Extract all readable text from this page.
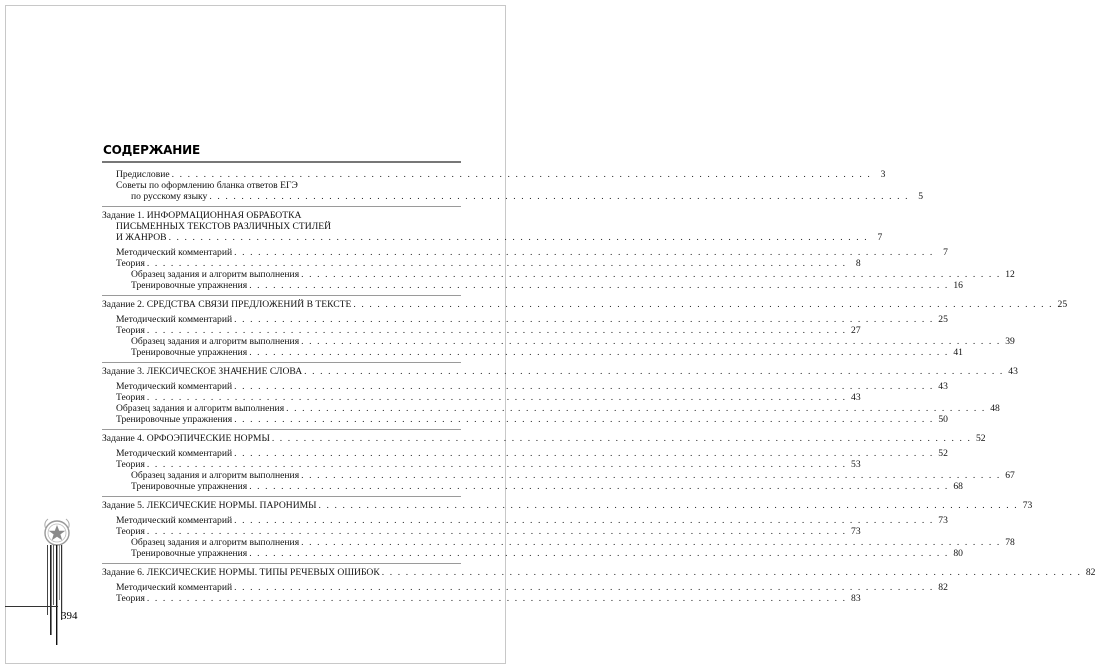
СОДЕРЖАНИЕ
Предисловие . . . . . . . . . . . . . . . . . . . . . . . . . . . . . . . . . . . . . . . . . . . . . . . . . . . . . . . . . . . . . . . . . . . . . . . . . . . . . . . . . . . . . . . . 3
Советы по оформлению бланка ответов ЕГЭ
по русскому языку . . . . . . . . . . . . . . . . . . . . . . . . . . . . . . . . . . . . . . . . . . . . . . . . . . . . . . . . . . . . . . . . . . . . . . . . . . . . . . . . . . . . . . . . 5
Задание 1. ИНФОРМАЦИОННАЯ ОБРАБОТКА
ПИСЬМЕННЫХ ТЕКСТОВ РАЗЛИЧНЫХ СТИЛЕЙ
И ЖАНРОВ . . . . . . . . . . . . . . . . . . . . . . . . . . . . . . . . . . . . . . . . . . . . . . . . . . . . . . . . . . . . . . . . . . . . . . . . . . . . . . . . . . . . . . . . 7
Методический комментарий . . . . . . . . . . . . . . . . . . . . . . . . . . . . . . . . . . . . . . . . . . . . . . . . . . . . . . . . . . . . . . . . . . . . . . . . . . . . . . . . . . . . . . . . 7
Теория . . . . . . . . . . . . . . . . . . . . . . . . . . . . . . . . . . . . . . . . . . . . . . . . . . . . . . . . . . . . . . . . . . . . . . . . . . . . . . . . . . . . . . . . 8
Образец задания и алгоритм выполнения . . . . . . . . . . . . . . . . . . . . . . . . . . . . . . . . . . . . . . . . . . . . . . . . . . . . . . . . . . . . . . . . . . . . . . . . . . . . . . . . . . . . . . . . 12
Тренировочные упражнения . . . . . . . . . . . . . . . . . . . . . . . . . . . . . . . . . . . . . . . . . . . . . . . . . . . . . . . . . . . . . . . . . . . . . . . . . . . . . . . . . . . . . . . . 16
Задание 2. СРЕДСТВА СВЯЗИ ПРЕДЛОЖЕНИЙ В ТЕКСТЕ . . . . . . . . . . . . . . . . . . . . . . . . . . . . . . . . . . . . . . . . . . . . . . . . . . . . . . . . . . . . . . . . . . . . . . . . . . . . . . . . . . . . . . . . 25
Методический комментарий . . . . . . . . . . . . . . . . . . . . . . . . . . . . . . . . . . . . . . . . . . . . . . . . . . . . . . . . . . . . . . . . . . . . . . . . . . . . . . . . . . . . . . . . 25
Теория . . . . . . . . . . . . . . . . . . . . . . . . . . . . . . . . . . . . . . . . . . . . . . . . . . . . . . . . . . . . . . . . . . . . . . . . . . . . . . . . . . . . . . . . 27
Образец задания и алгоритм выполнения . . . . . . . . . . . . . . . . . . . . . . . . . . . . . . . . . . . . . . . . . . . . . . . . . . . . . . . . . . . . . . . . . . . . . . . . . . . . . . . . . . . . . . . . 39
Тренировочные упражнения . . . . . . . . . . . . . . . . . . . . . . . . . . . . . . . . . . . . . . . . . . . . . . . . . . . . . . . . . . . . . . . . . . . . . . . . . . . . . . . . . . . . . . . . 41
Задание 3. ЛЕКСИЧЕСКОЕ ЗНАЧЕНИЕ СЛОВА . . . . . . . . . . . . . . . . . . . . . . . . . . . . . . . . . . . . . . . . . . . . . . . . . . . . . . . . . . . . . . . . . . . . . . . . . . . . . . . . . . . . . . . . 43
Методический комментарий . . . . . . . . . . . . . . . . . . . . . . . . . . . . . . . . . . . . . . . . . . . . . . . . . . . . . . . . . . . . . . . . . . . . . . . . . . . . . . . . . . . . . . . . 43
Теория . . . . . . . . . . . . . . . . . . . . . . . . . . . . . . . . . . . . . . . . . . . . . . . . . . . . . . . . . . . . . . . . . . . . . . . . . . . . . . . . . . . . . . . . 43
Образец задания и алгоритм выполнения . . . . . . . . . . . . . . . . . . . . . . . . . . . . . . . . . . . . . . . . . . . . . . . . . . . . . . . . . . . . . . . . . . . . . . . . . . . . . . . . . . . . . . . . 48
Тренировочные упражнения . . . . . . . . . . . . . . . . . . . . . . . . . . . . . . . . . . . . . . . . . . . . . . . . . . . . . . . . . . . . . . . . . . . . . . . . . . . . . . . . . . . . . . . . 50
Задание 4. ОРФОЭПИЧЕСКИЕ НОРМЫ . . . . . . . . . . . . . . . . . . . . . . . . . . . . . . . . . . . . . . . . . . . . . . . . . . . . . . . . . . . . . . . . . . . . . . . . . . . . . . . . . . . . . . . . 52
Методический комментарий . . . . . . . . . . . . . . . . . . . . . . . . . . . . . . . . . . . . . . . . . . . . . . . . . . . . . . . . . . . . . . . . . . . . . . . . . . . . . . . . . . . . . . . . 52
Теория . . . . . . . . . . . . . . . . . . . . . . . . . . . . . . . . . . . . . . . . . . . . . . . . . . . . . . . . . . . . . . . . . . . . . . . . . . . . . . . . . . . . . . . . 53
Образец задания и алгоритм выполнения . . . . . . . . . . . . . . . . . . . . . . . . . . . . . . . . . . . . . . . . . . . . . . . . . . . . . . . . . . . . . . . . . . . . . . . . . . . . . . . . . . . . . . . . 67
Тренировочные упражнения . . . . . . . . . . . . . . . . . . . . . . . . . . . . . . . . . . . . . . . . . . . . . . . . . . . . . . . . . . . . . . . . . . . . . . . . . . . . . . . . . . . . . . . . 68
Задание 5. ЛЕКСИЧЕСКИЕ НОРМЫ. ПАРОНИМЫ . . . . . . . . . . . . . . . . . . . . . . . . . . . . . . . . . . . . . . . . . . . . . . . . . . . . . . . . . . . . . . . . . . . . . . . . . . . . . . . . . . . . . . . . 73
Методический комментарий . . . . . . . . . . . . . . . . . . . . . . . . . . . . . . . . . . . . . . . . . . . . . . . . . . . . . . . . . . . . . . . . . . . . . . . . . . . . . . . . . . . . . . . . 73
Теория . . . . . . . . . . . . . . . . . . . . . . . . . . . . . . . . . . . . . . . . . . . . . . . . . . . . . . . . . . . . . . . . . . . . . . . . . . . . . . . . . . . . . . . . 73
Образец задания и алгоритм выполнения . . . . . . . . . . . . . . . . . . . . . . . . . . . . . . . . . . . . . . . . . . . . . . . . . . . . . . . . . . . . . . . . . . . . . . . . . . . . . . . . . . . . . . . . 78
Тренировочные упражнения . . . . . . . . . . . . . . . . . . . . . . . . . . . . . . . . . . . . . . . . . . . . . . . . . . . . . . . . . . . . . . . . . . . . . . . . . . . . . . . . . . . . . . . . 80
Задание 6. ЛЕКСИЧЕСКИЕ НОРМЫ. ТИПЫ РЕЧЕВЫХ ОШИБОК . . . . . . . . . . . . . . . . . . . . . . . . . . . . . . . . . . . . . . . . . . . . . . . . . . . . . . . . . . . . . . . . . . . . . . . . . . . . . . . . . . . . . . . . 82
Методический комментарий . . . . . . . . . . . . . . . . . . . . . . . . . . . . . . . . . . . . . . . . . . . . . . . . . . . . . . . . . . . . . . . . . . . . . . . . . . . . . . . . . . . . . . . . 82
Теория . . . . . . . . . . . . . . . . . . . . . . . . . . . . . . . . . . . . . . . . . . . . . . . . . . . . . . . . . . . . . . . . . . . . . . . . . . . . . . . . . . . . . . . . 83
394
